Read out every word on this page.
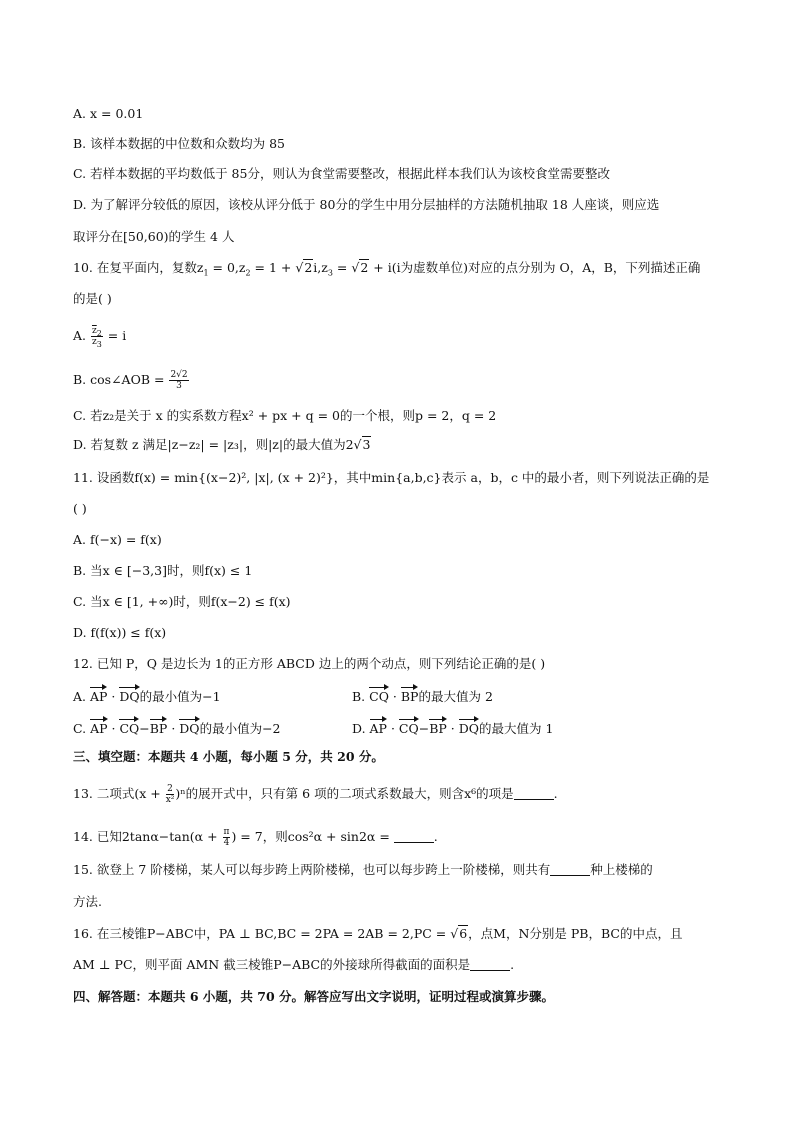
A. x = 0.01
B. 该样本数据的中位数和众数均为 85
C. 若样本数据的平均数低于 85分，则认为食堂需要整改，根据此样本我们认为该校食堂需要整改
D. 为了解评分较低的原因，该校从评分低于 80分的学生中用分层抽样的方法随机抽取 18 人座谈，则应选
取评分在[50,60)的学生 4 人
10. 在复平面内，复数$z_1 = 0,z_2 = 1 + √2i,z_3 = √2 + i(i$为虚数单位)对应的点分别为 O，A，B，下列描述正确
的是( )
A. $\frac{\overline{z}_2}{z_3} = i$
B. cos∠AOB = $\frac{2√2}{3}$
C. 若z₂是关于 x 的实系数方程x² + px + q = 0的一个根，则p = 2，q = 2
D. 若复数 z 满足|z−z₂| = |z₃|，则|z|的最大值为2√3
11. 设函数f(x) = min{(x−2)², |x|, (x + 2)²}，其中min{a,b,c}表示 a，b，c 中的最小者，则下列说法正确的是
( )
A. f(−x) = f(x)
B. 当x ∈ [−3,3]时，则f(x) ≤ 1
C. 当x ∈ [1, +∞)时，则f(x−2) ≤ f(x)
D. f(f(x)) ≤ f(x)
12. 已知 P，Q 是边长为 1的正方形 ABCD 边上的两个动点，则下列结论正确的是( )
A. AP · DQ的最小值为−1	B. CQ · BP的最大值为 2
C. AP · CQ−BP · DQ的最小值为−2	D. AP · CQ−BP · DQ的最大值为 1
三、填空题：本题共 4 小题，每小题 5 分，共 20 分。
13. 二项式$(x + \frac{2}{\text{x²}} )^n$的展开式中，只有第 6 项的二项式系数最大，则含x⁶的项是	.
14. 已知$2\tan\alpha-\tan(\alpha + \frac{\pi}{4}$ ) = 7，则cos²α + sin2α =	.
15. 欲登上 7 阶楼梯，某人可以每步跨上两阶楼梯，也可以每步跨上一阶楼梯，则共有	种上楼梯的
方法.
16. 在三棱锥P−ABC中，PA ⊥ BC,BC = 2PA = 2AB = 2,PC = √6，点M，N分别是 PB，BC的中点，且
AM ⊥ PC，则平面 AMN 截三棱锥P−ABC的外接球所得截面的面积是	.
四、解答题：本题共 6 小题，共 70 分。解答应写出文字说明，证明过程或演算步骤。
